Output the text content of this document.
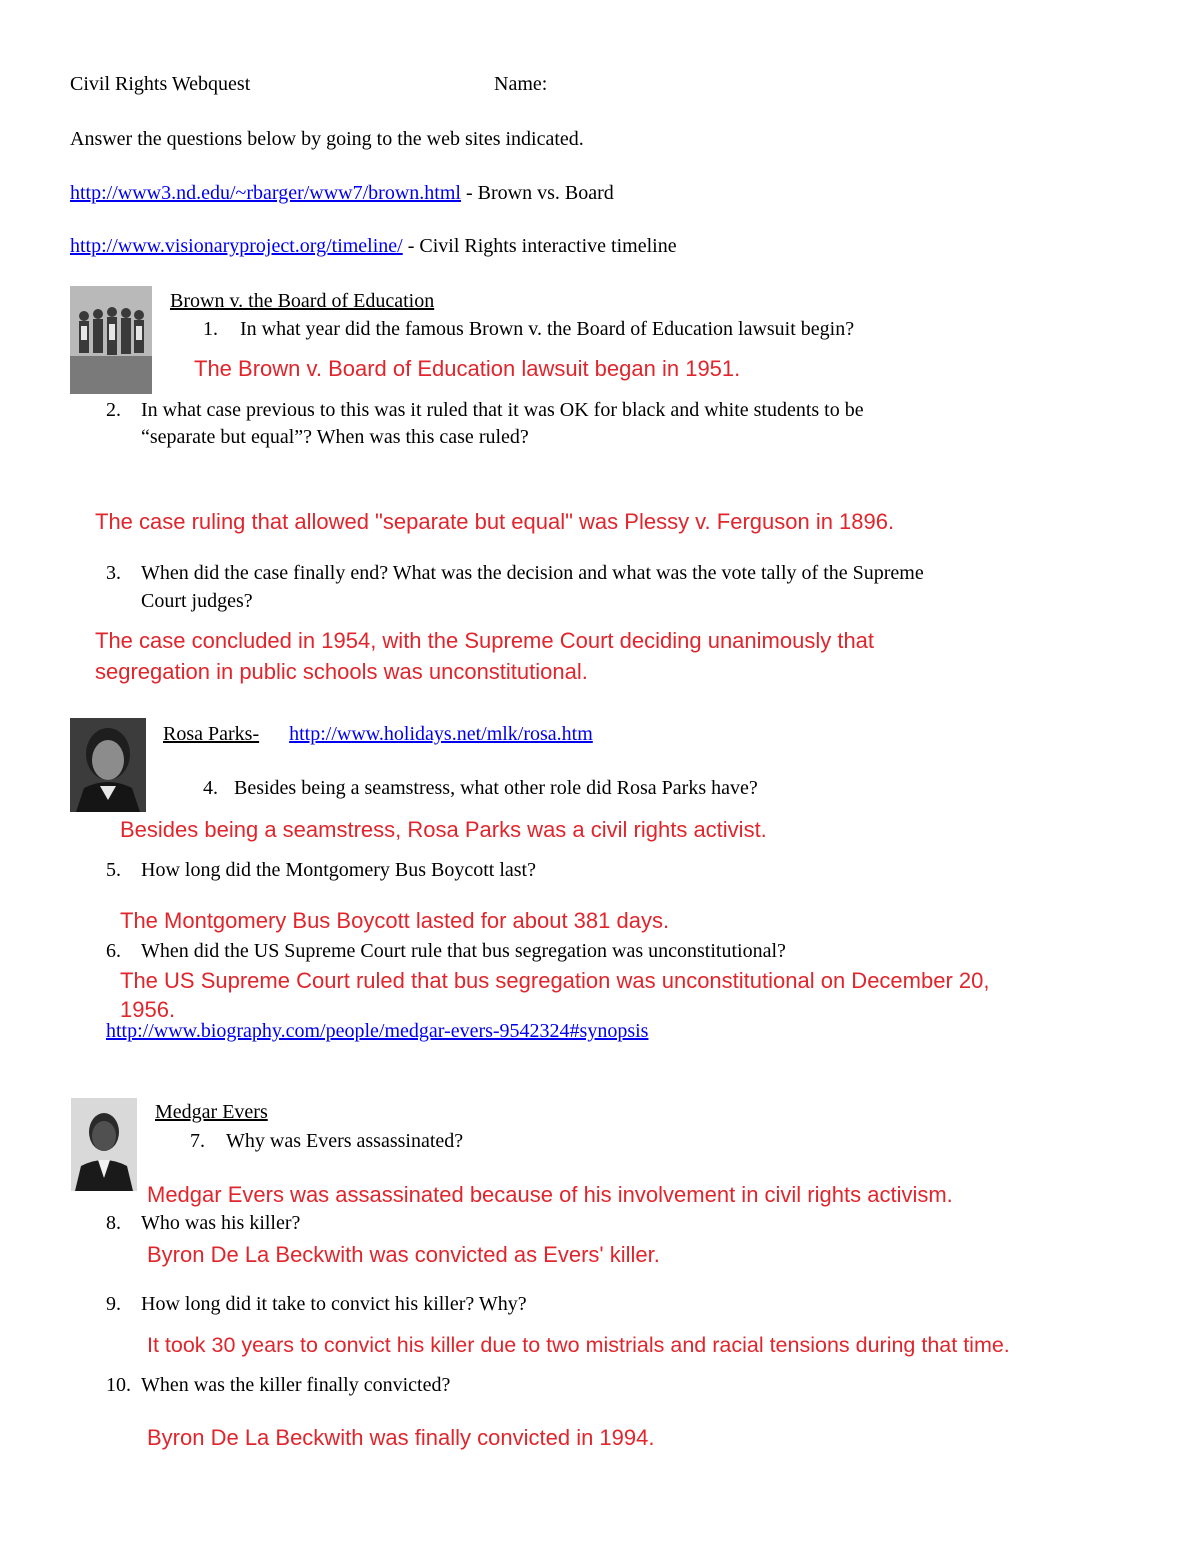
Civil Rights Webquest	Name:
Answer the questions below by going to the web sites indicated.
http://www3.nd.edu/~rbarger/www7/brown.html - Brown vs. Board
http://www.visionaryproject.org/timeline/ - Civil Rights interactive timeline
Brown v. the Board of Education
1. In what year did the famous Brown v. the Board of Education lawsuit begin?
The Brown v. Board of Education lawsuit began in 1951.
2. In what case previous to this was it ruled that it was OK for black and white students to be
“separate but equal”? When was this case ruled?
The case ruling that allowed "separate but equal" was Plessy v. Ferguson in 1896.
3. When did the case finally end? What was the decision and what was the vote tally of the Supreme
Court judges?
The case concluded in 1954, with the Supreme Court deciding unanimously that
segregation in public schools was unconstitutional.
Rosa Parks- http://www.holidays.net/mlk/rosa.htm
4. Besides being a seamstress, what other role did Rosa Parks have?
Besides being a seamstress, Rosa Parks was a civil rights activist.
5. How long did the Montgomery Bus Boycott last?
The Montgomery Bus Boycott lasted for about 381 days.
6. When did the US Supreme Court rule that bus segregation was unconstitutional?
The US Supreme Court ruled that bus segregation was unconstitutional on December 20,
1956.
http://www.biography.com/people/medgar-evers-9542324#synopsis
Medgar Evers
7. Why was Evers assassinated?
Medgar Evers was assassinated because of his involvement in civil rights activism.
8. Who was his killer?
Byron De La Beckwith was convicted as Evers' killer.
9. How long did it take to convict his killer? Why?
It took 30 years to convict his killer due to two mistrials and racial tensions during that time.
10. When was the killer finally convicted?
Byron De La Beckwith was finally convicted in 1994.
